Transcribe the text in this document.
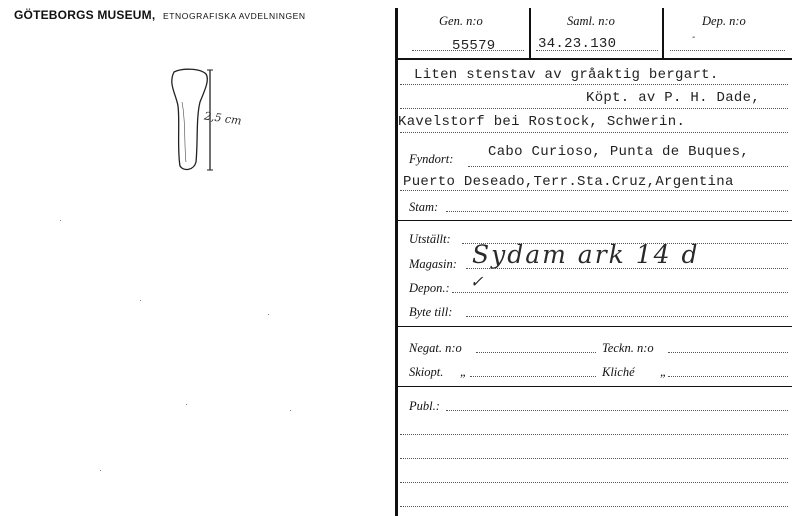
GÖTEBORGS MUSEUM, ETNOGRAFISKA AVDELNINGEN
2,5 cm
Gen. n:o
55579
Saml. n:o
34.23.130
Dep. n:o
-
Liten stenstav av gråaktig bergart.
Köpt. av P. H. Dade,
Kavelstorf bei Rostock, Schwerin.
Fyndort: Cabo Curioso, Punta de Buques,
Puerto Deseado,Terr.Sta.Cruz,Argentina
Stam:
Utställt:
Magasin: Sydam ark 14 d
Depon.: ✓
Byte till:
Negat. n:o	Teckn. n:o
Skiopt. „	Kliché „
Publ.:
